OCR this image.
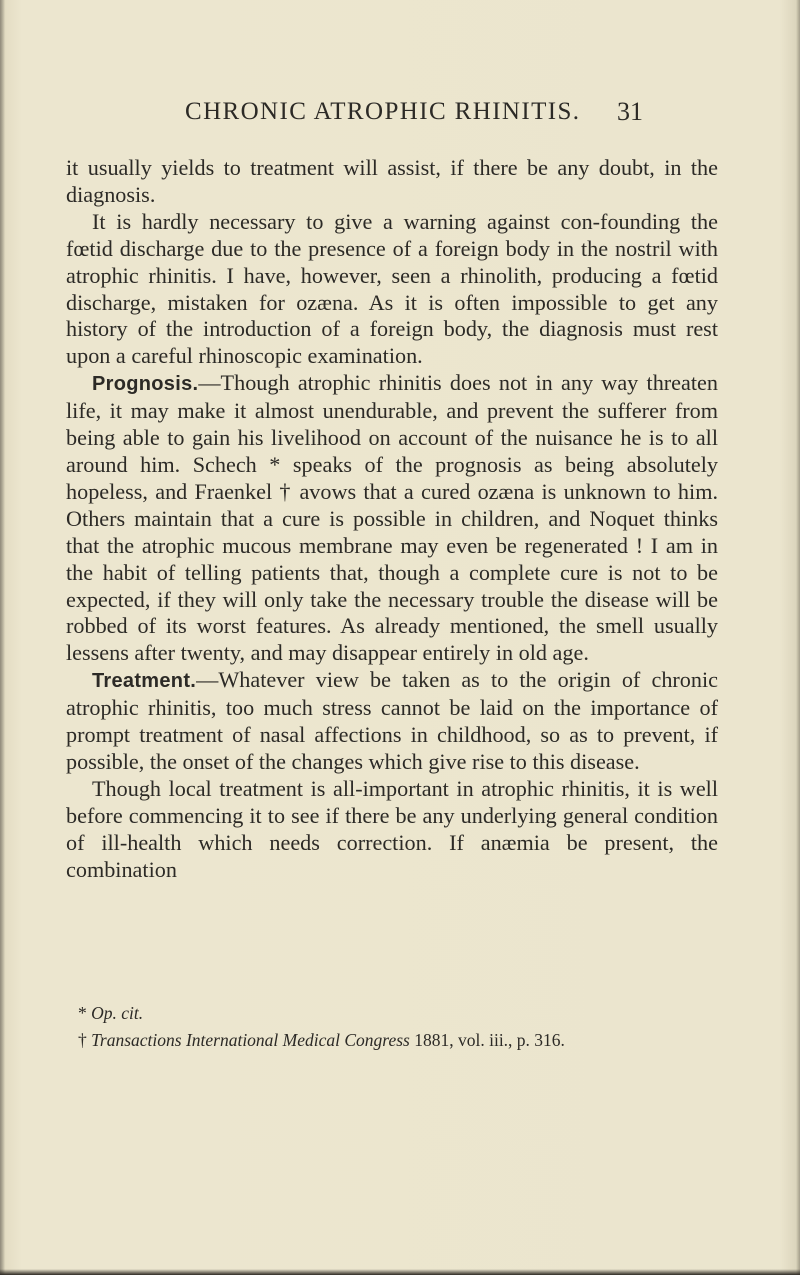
CHRONIC ATROPHIC RHINITIS. 31

it usually yields to treatment will assist, if there be any doubt, in the diagnosis.

It is hardly necessary to give a warning against con-founding the fœtid discharge due to the presence of a foreign body in the nostril with atrophic rhinitis. I have, however, seen a rhinolith, producing a fœtid discharge, mistaken for ozæna. As it is often impossible to get any history of the introduction of a foreign body, the diagnosis must rest upon a careful rhinoscopic examination.

Prognosis.—Though atrophic rhinitis does not in any way threaten life, it may make it almost unendurable, and prevent the sufferer from being able to gain his livelihood on account of the nuisance he is to all around him. Schech * speaks of the prognosis as being absolutely hopeless, and Fraenkel † avows that a cured ozæna is unknown to him. Others maintain that a cure is possible in children, and Noquet thinks that the atrophic mucous membrane may even be regenerated ! I am in the habit of telling patients that, though a complete cure is not to be expected, if they will only take the necessary trouble the disease will be robbed of its worst features. As already mentioned, the smell usually lessens after twenty, and may disappear entirely in old age.

Treatment.—Whatever view be taken as to the origin of chronic atrophic rhinitis, too much stress cannot be laid on the importance of prompt treatment of nasal affections in childhood, so as to prevent, if possible, the onset of the changes which give rise to this disease.

Though local treatment is all-important in atrophic rhinitis, it is well before commencing it to see if there be any underlying general condition of ill-health which needs correction. If anæmia be present, the combination

* Op. cit.

† Transactions International Medical Congress 1881, vol. iii., p. 316.
